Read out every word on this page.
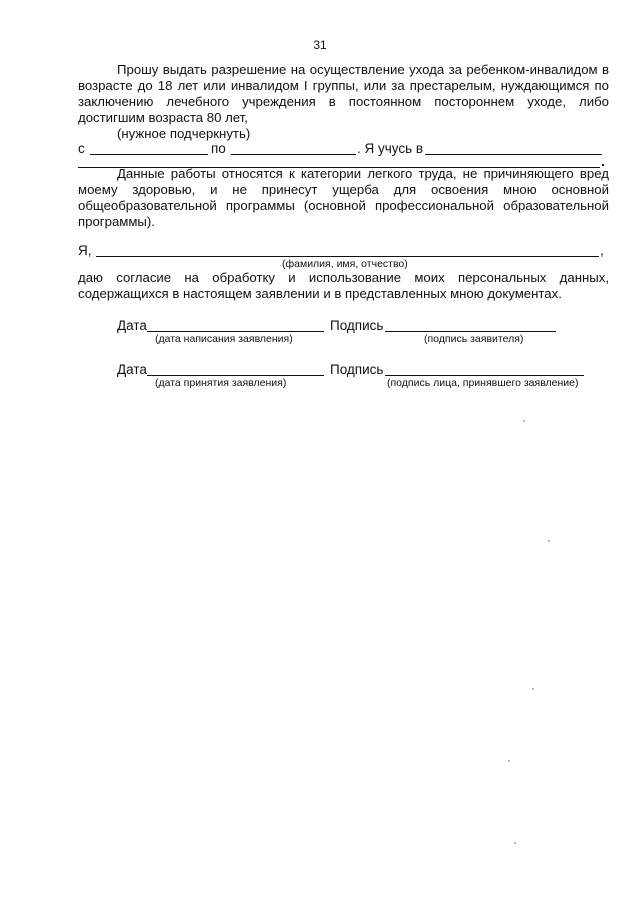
31
Прошу выдать разрешение на осуществление ухода за ребенком-инвалидом в возрасте до 18 лет или инвалидом I группы, или за престарелым, нуждающимся по заключению лечебного учреждения в постоянном постороннем уходе, либо достигшим возраста 80 лет,
(нужное подчеркнуть)
с	по	. Я учусь в
Данные работы относятся к категории легкого труда, не причиняющего вред моему здоровью, и не принесут ущерба для освоения мною основной общеобразовательной программы (основной профессиональной образовательной программы).
Я,	,
(фамилия, имя, отчество)
даю согласие на обработку и использование моих персональных данных, содержащихся в настоящем заявлении и в представленных мною документах.
Дата
(дата написания заявления)
Подпись
(подпись заявителя)
Дата
(дата принятия заявления)
Подпись
(подпись лица, принявшего заявление)
